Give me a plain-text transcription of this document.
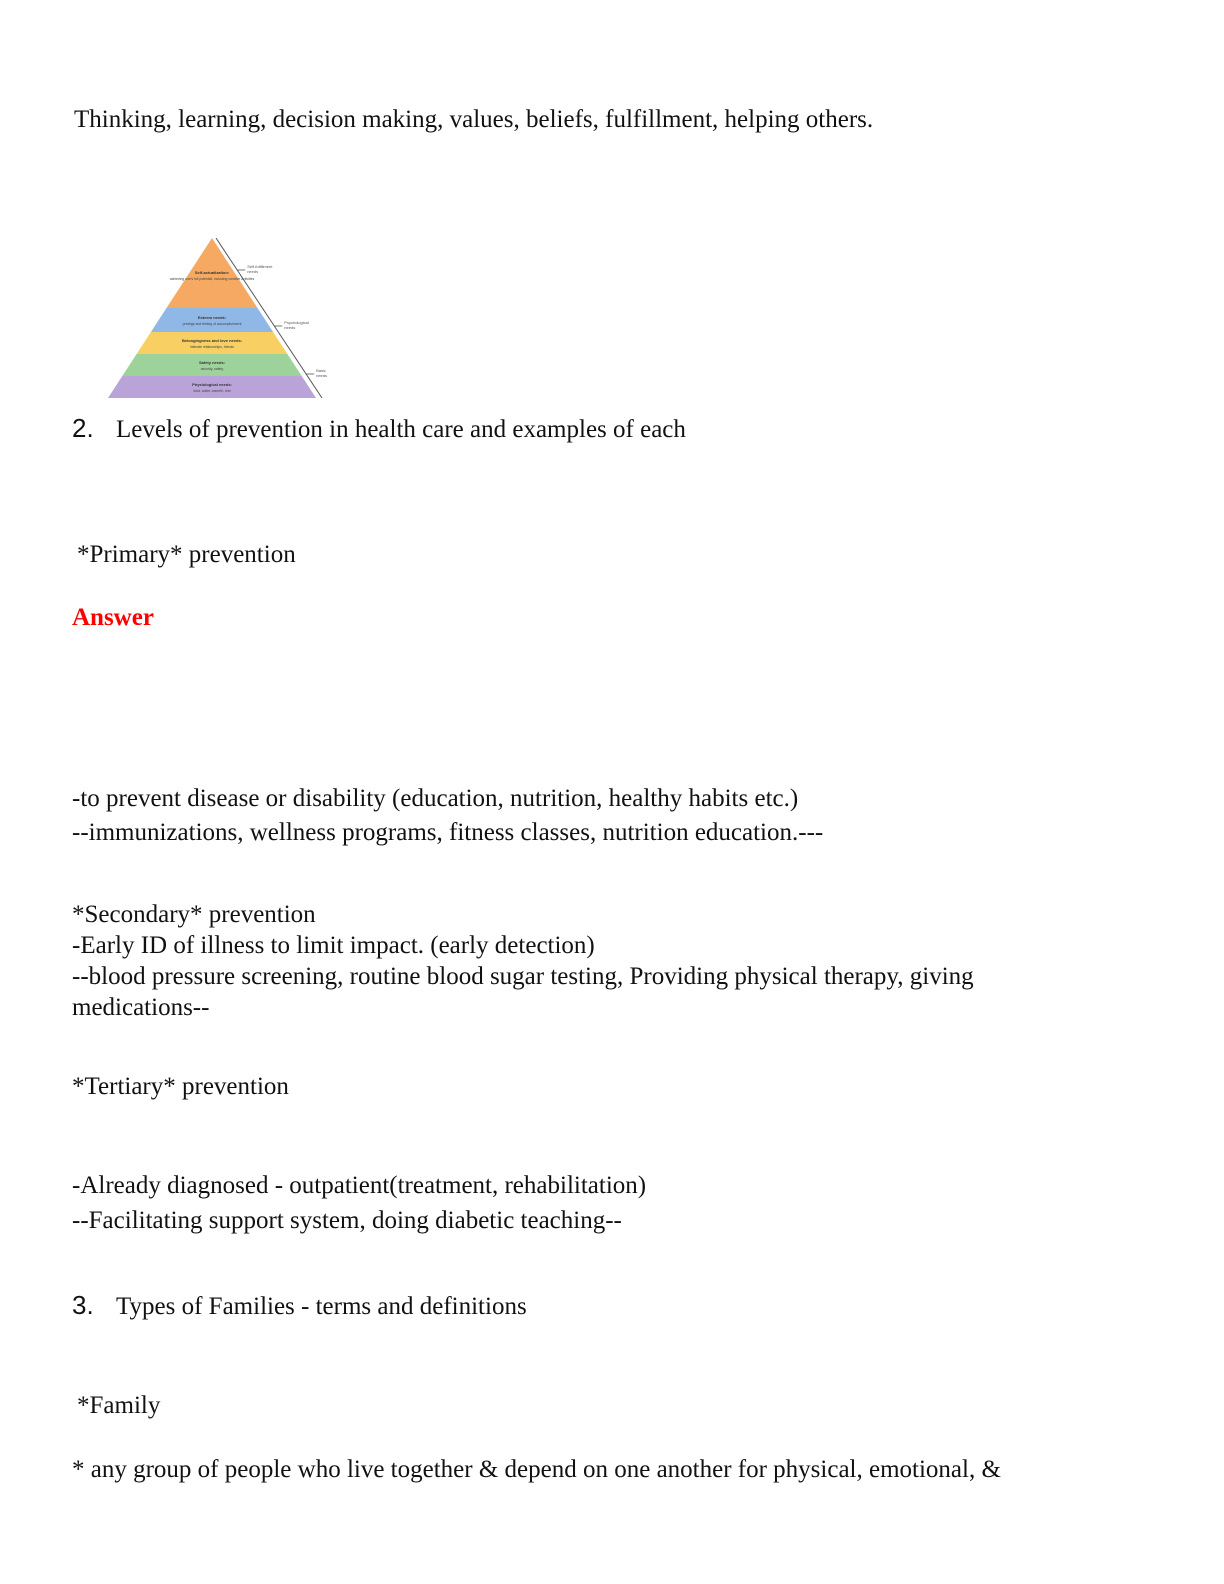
Thinking, learning, decision making, values, beliefs, fulfillment, helping others.
Self-actualization:
achieving one's full potential, including creative activities
Esteem needs:
prestige and feeling of accomplishment
Belongingness and love needs:
intimate relationships, friends
Safety needs:
security, safety
Physiological needs:
food, water, warmth, rest
Self-fulfillment
needs
Psychological
needs
Basic
needs
2. Levels of prevention in health care and examples of each
*Primary* prevention
Answer
-to prevent disease or disability (education, nutrition, healthy habits etc.)
--immunizations, wellness programs, fitness classes, nutrition education.---
*Secondary* prevention
-Early ID of illness to limit impact. (early detection)
--blood pressure screening, routine blood sugar testing, Providing physical therapy, giving
medications--
*Tertiary* prevention
-Already diagnosed - outpatient(treatment, rehabilitation)
--Facilitating support system, doing diabetic teaching--
3. Types of Families - terms and definitions
*Family
* any group of people who live together & depend on one another for physical, emotional, &
